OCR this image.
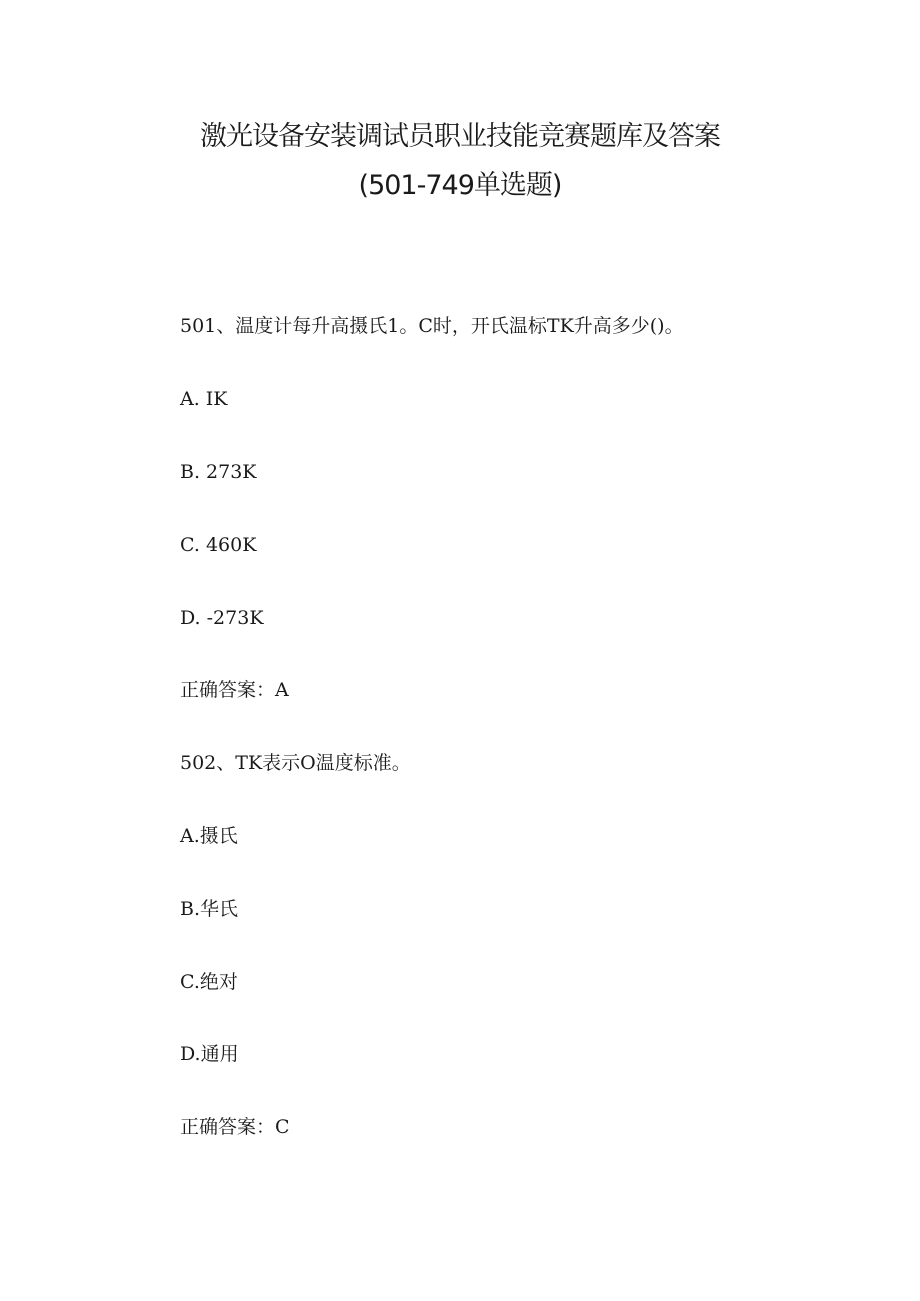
激光设备安装调试员职业技能竞赛题库及答案
(501-749单选题)
501、温度计每升高摄氏1。C时，开氏温标TK升高多少()。
A. IK
B. 273K
C. 460K
D. -273K
正确答案：A
502、TK表示O温度标准。
A.摄氏
B.华氏
C.绝对
D.通用
正确答案：C
